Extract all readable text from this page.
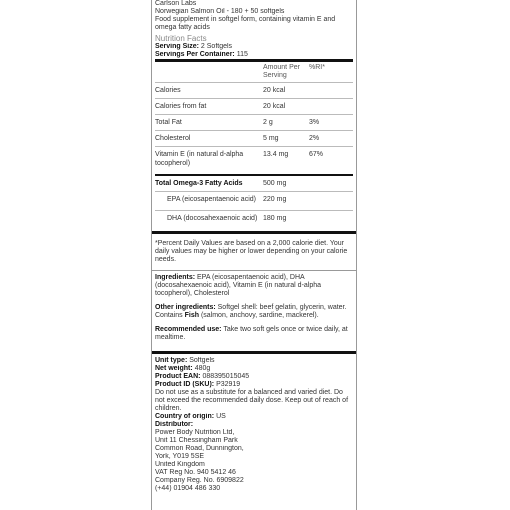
Carlson Labs
Norwegian Salmon Oil - 180 + 50 softgels
Food supplement in softgel form, containing vitamin E and omega fatty acids
Nutrition Facts
Serving Size: 2 Softgels
Servings Per Container: 115
	Amount Per Serving	%RI*
Calories	20 kcal	
Calories from fat	20 kcal	
Total Fat	2 g	3%
Cholesterol	5 mg	2%
Vitamin E (in natural d-alpha tocopherol)	13.4 mg	67%
Total Omega-3 Fatty Acids	500 mg	
EPA (eicosapentaenoic acid)	220 mg	
DHA (docosahexaenoic acid)	180 mg	
*Percent Daily Values are based on a 2,000 calorie diet. Your daily values may be higher or lower depending on your calorie needs.

Ingredients: EPA (eicosapentaenoic acid), DHA (docosahexaenoic acid), Vitamin E (in natural d-alpha tocopherol), Cholesterol

Other ingredients: Softgel shell: beef gelatin, glycerin, water. Contains Fish (salmon, anchovy, sardine, mackerel).

Recommended use: Take two soft gels once or twice daily, at mealtime.

Unit type: Softgels
Net weight: 480g
Product EAN: 088395015045
Product ID (SKU): P32919
Do not use as a substitute for a balanced and varied diet. Do not exceed the recommended daily dose. Keep out of reach of children.
Country of origin: US
Distributor:
Power Body Nutrition Ltd,
Unit 11 Chessingham Park
Common Road, Dunnington,
York, Y019 5SE
United Kingdom
VAT Reg No. 940 5412 46
Company Reg. No. 6909822
(+44) 01904 486 330
